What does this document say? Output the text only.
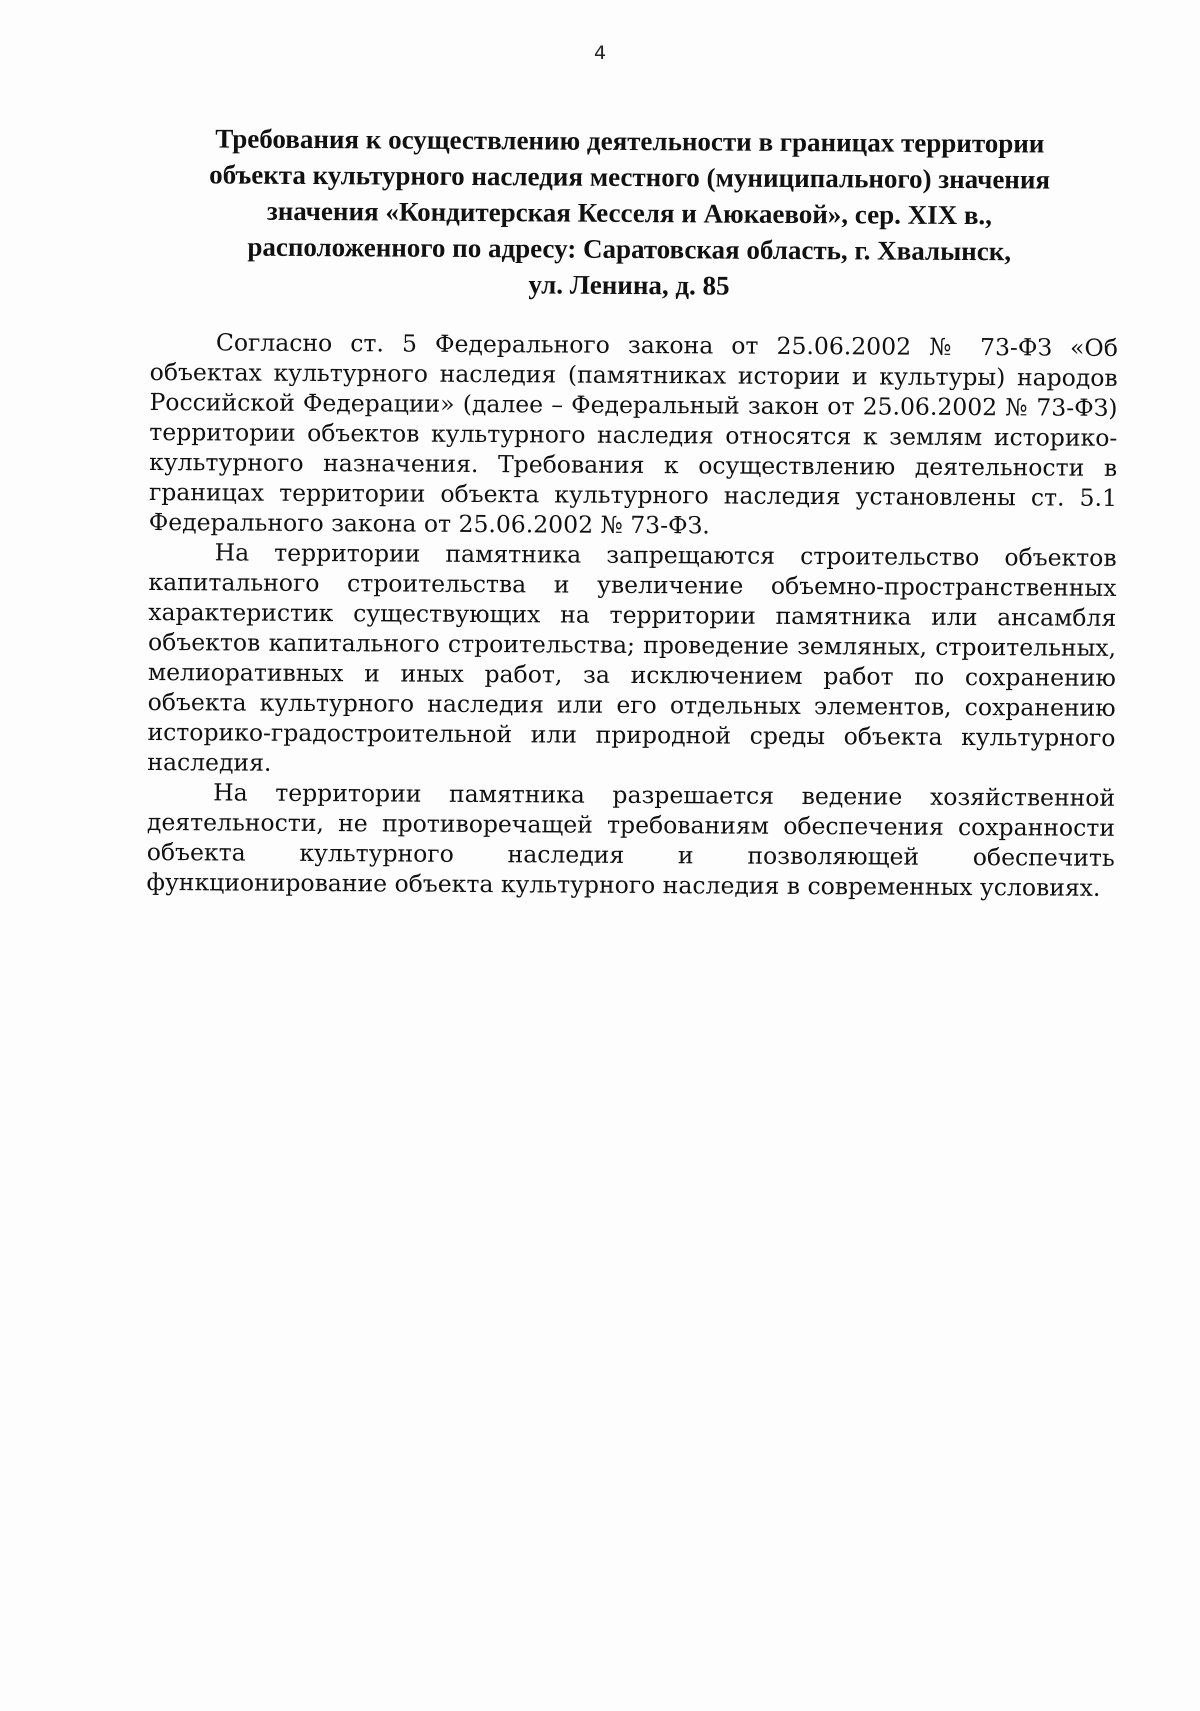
4
Требования к осуществлению деятельности в границах территории
объекта культурного наследия местного (муниципального) значения
значения «Кондитерская Кесселя и Аюкаевой», сер. XIX в.,
расположенного по адресу: Саратовская область, г. Хвалынск,
ул. Ленина, д. 85

Согласно ст. 5 Федерального закона от 25.06.2002 № 73-ФЗ «Об объектах культурного наследия (памятниках истории и культуры) народов Российской Федерации» (далее – Федеральный закон от 25.06.2002 № 73-ФЗ) территории объектов культурного наследия относятся к землям историко-культурного назначения. Требования к осуществлению деятельности в границах территории объекта культурного наследия установлены ст. 5.1 Федерального закона от 25.06.2002 № 73-ФЗ.

На территории памятника запрещаются строительство объектов капитального строительства и увеличение объемно-пространственных характеристик существующих на территории памятника или ансамбля объектов капитального строительства; проведение земляных, строительных, мелиоративных и иных работ, за исключением работ по сохранению объекта культурного наследия или его отдельных элементов, сохранению историко-градостроительной или природной среды объекта культурного наследия.

На территории памятника разрешается ведение хозяйственной деятельности, не противоречащей требованиям обеспечения сохранности объекта культурного наследия и позволяющей обеспечить функционирование объекта культурного наследия в современных условиях.
